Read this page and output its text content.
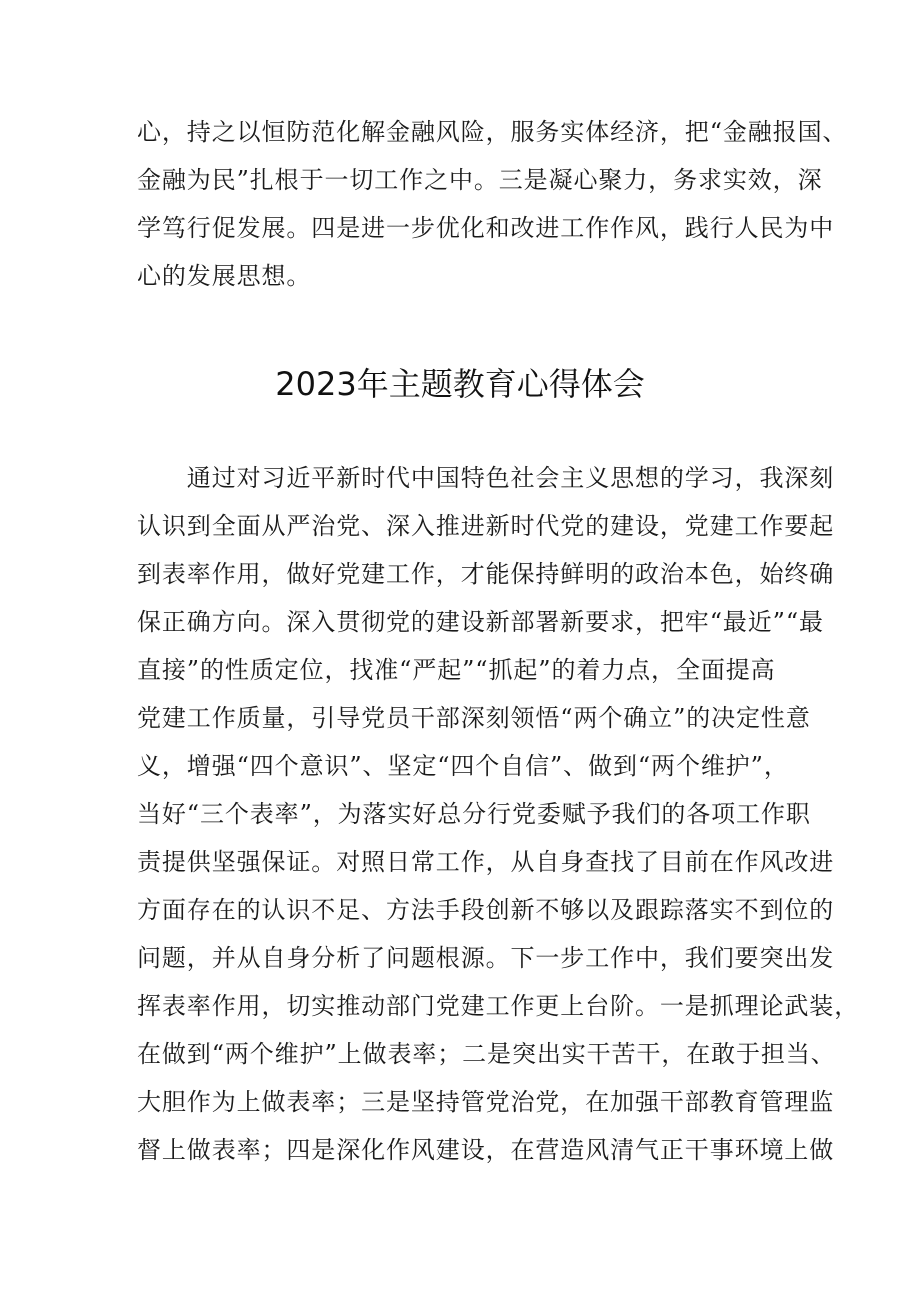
心，持之以恒防范化解金融风险，服务实体经济，把“金融报国、
金融为民”扎根于一切工作之中。三是凝心聚力，务求实效，深
学笃行促发展。四是进一步优化和改进工作作风，践行人民为中
心的发展思想。
2023年主题教育心得体会
　　通过对习近平新时代中国特色社会主义思想的学习，我深刻
认识到全面从严治党、深入推进新时代党的建设，党建工作要起
到表率作用，做好党建工作，才能保持鲜明的政治本色，始终确
保正确方向。深入贯彻党的建设新部署新要求，把牢“最近”“最
直接”的性质定位，找准“严起”“抓起”的着力点，全面提高
党建工作质量，引导党员干部深刻领悟“两个确立”的决定性意
义，增强“四个意识”、坚定“四个自信”、做到“两个维护”，
当好“三个表率”，为落实好总分行党委赋予我们的各项工作职
责提供坚强保证。对照日常工作，从自身查找了目前在作风改进
方面存在的认识不足、方法手段创新不够以及跟踪落实不到位的
问题，并从自身分析了问题根源。下一步工作中，我们要突出发
挥表率作用，切实推动部门党建工作更上台阶。一是抓理论武装，
在做到“两个维护”上做表率；二是突出实干苦干，在敢于担当、
大胆作为上做表率；三是坚持管党治党，在加强干部教育管理监
督上做表率；四是深化作风建设，在营造风清气正干事环境上做
